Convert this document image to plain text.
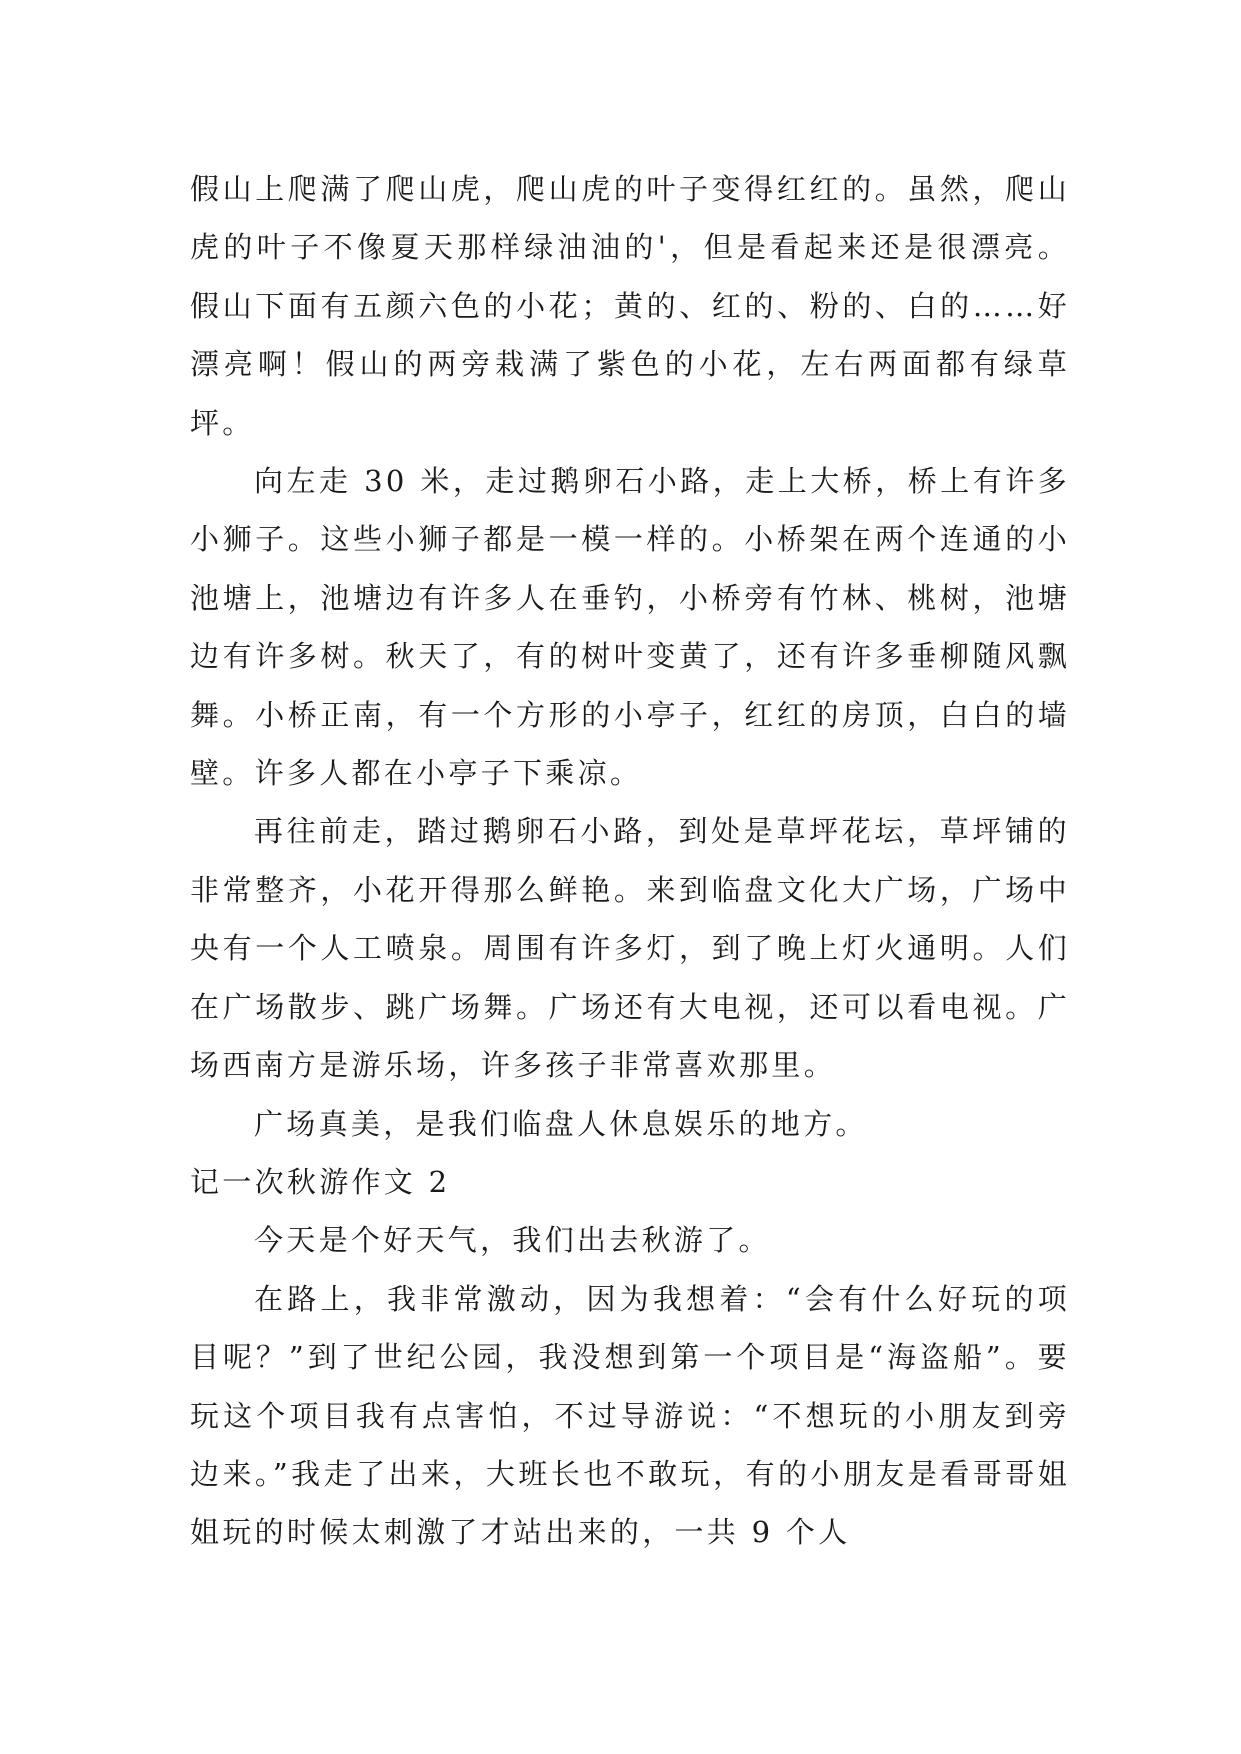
假山上爬满了爬山虎，爬山虎的叶子变得红红的。虽然，爬山虎的叶子不像夏天那样绿油油的'，但是看起来还是很漂亮。假山下面有五颜六色的小花；黄的、红的、粉的、白的……好漂亮啊！假山的两旁栽满了紫色的小花，左右两面都有绿草坪。

向左走 30 米，走过鹅卵石小路，走上大桥，桥上有许多小狮子。这些小狮子都是一模一样的。小桥架在两个连通的小池塘上，池塘边有许多人在垂钓，小桥旁有竹林、桃树，池塘边有许多树。秋天了，有的树叶变黄了，还有许多垂柳随风飘舞。小桥正南，有一个方形的小亭子，红红的房顶，白白的墙壁。许多人都在小亭子下乘凉。

再往前走，踏过鹅卵石小路，到处是草坪花坛，草坪铺的非常整齐，小花开得那么鲜艳。来到临盘文化大广场，广场中央有一个人工喷泉。周围有许多灯，到了晚上灯火通明。人们在广场散步、跳广场舞。广场还有大电视，还可以看电视。广场西南方是游乐场，许多孩子非常喜欢那里。

广场真美，是我们临盘人休息娱乐的地方。

记一次秋游作文 2

今天是个好天气，我们出去秋游了。

在路上，我非常激动，因为我想着：“会有什么好玩的项目呢？”到了世纪公园，我没想到第一个项目是“海盗船”。要玩这个项目我有点害怕，不过导游说：“不想玩的小朋友到旁边来。”我走了出来，大班长也不敢玩，有的小朋友是看哥哥姐姐玩的时候太刺激了才站出来的，一共 9 个人
